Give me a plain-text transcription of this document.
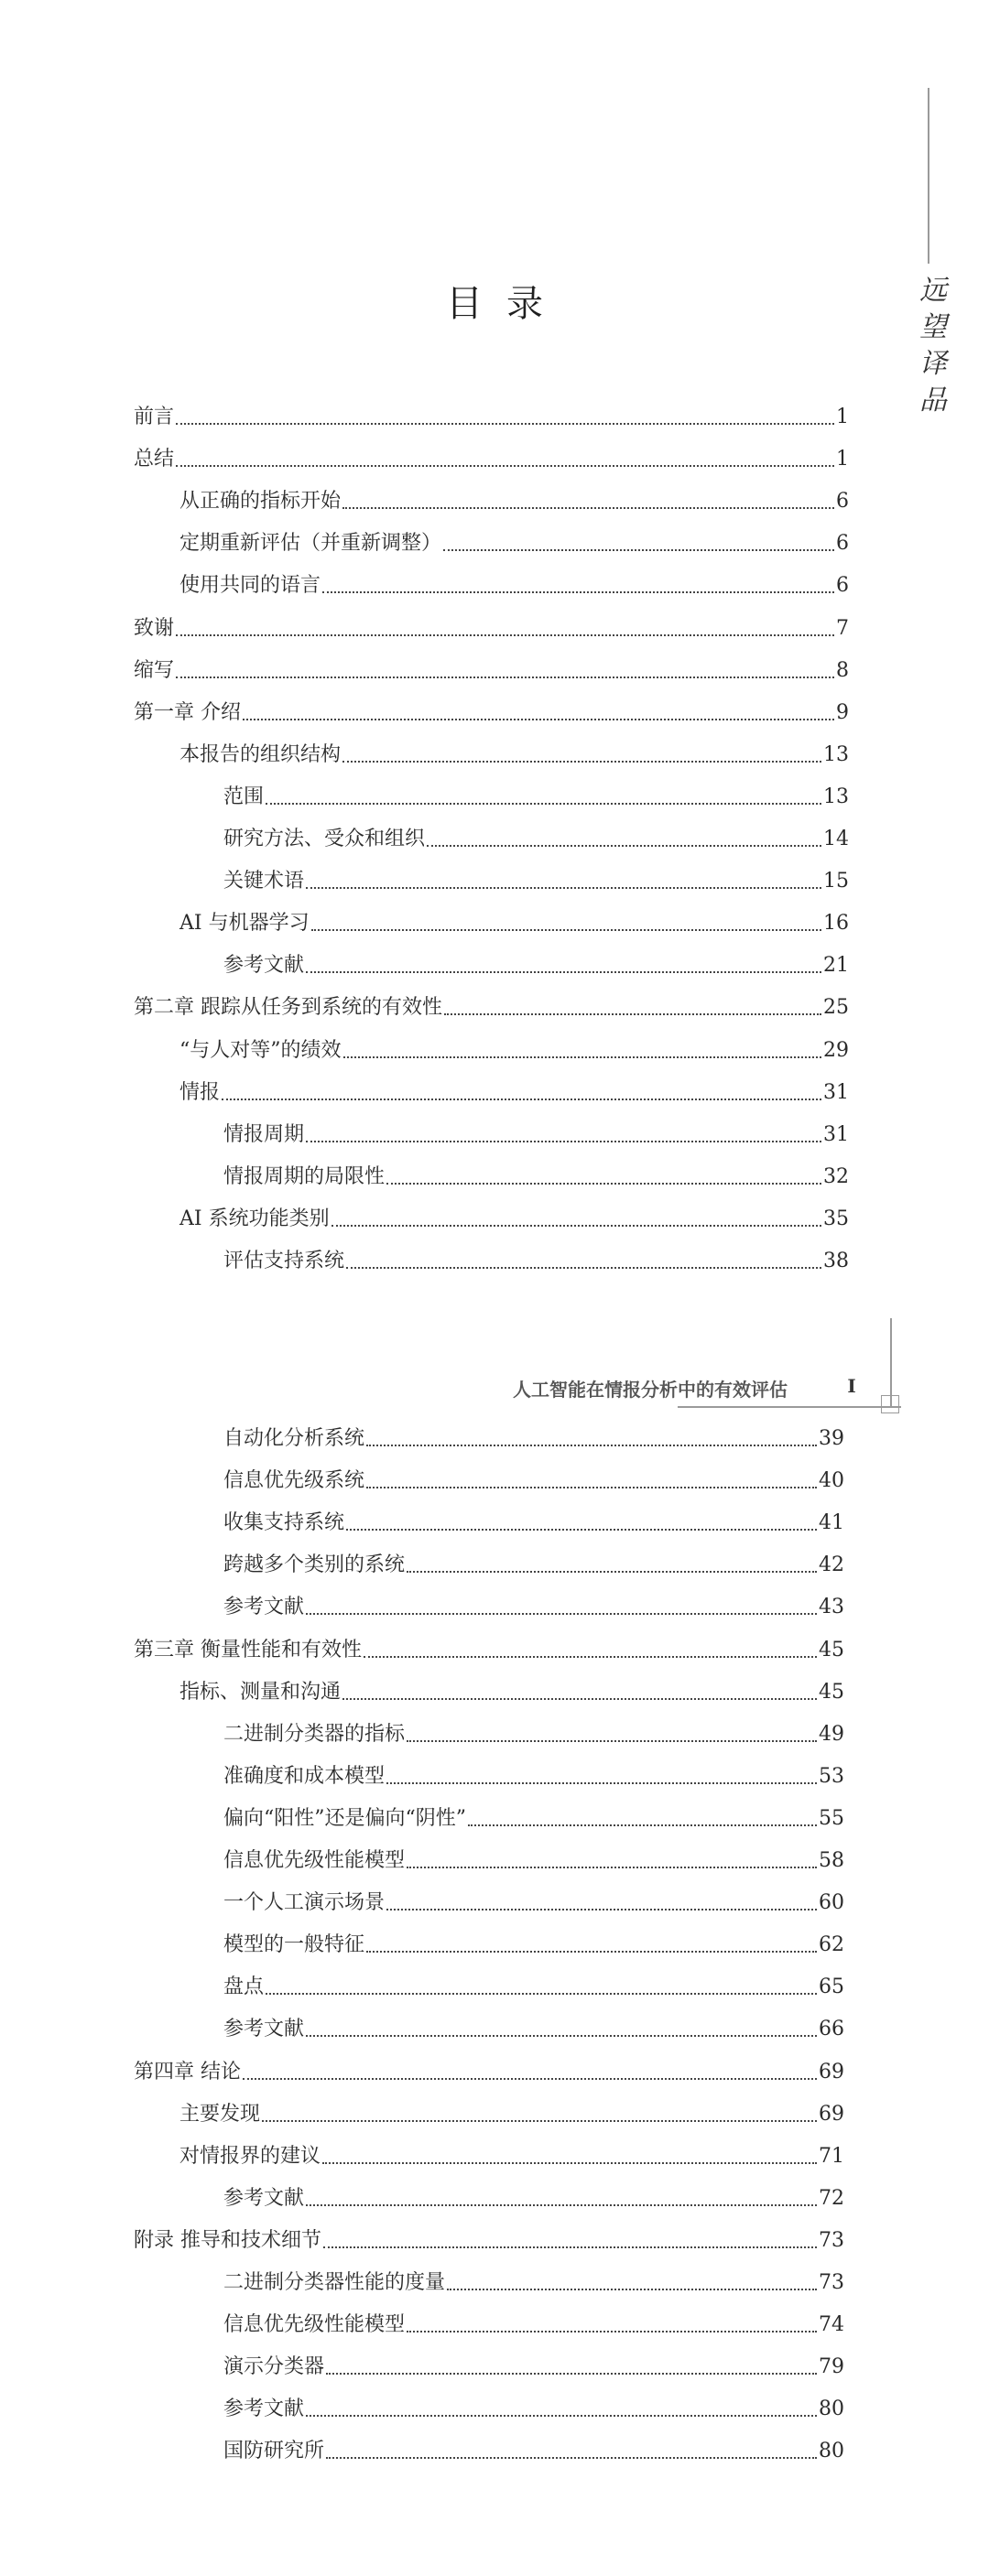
远
望
译
品
目录
前言	1
总结	1
从正确的指标开始	6
定期重新评估（并重新调整）	6
使用共同的语言	6
致谢	7
缩写	8
第一章 介绍	9
本报告的组织结构	13
范围	13
研究方法、受众和组织	14
关键术语	15
AI 与机器学习	16
参考文献	21
第二章 跟踪从任务到系统的有效性	25
“与人对等”的绩效	29
情报	31
情报周期	31
情报周期的局限性	32
AI 系统功能类别	35
评估支持系统	38
自动化分析系统	39
信息优先级系统	40
收集支持系统	41
跨越多个类别的系统	42
参考文献	43
第三章 衡量性能和有效性	45
指标、测量和沟通	45
二进制分类器的指标	49
准确度和成本模型	53
偏向“阳性”还是偏向“阴性”	55
信息优先级性能模型	58
一个人工演示场景	60
模型的一般特征	62
盘点	65
参考文献	66
第四章 结论	69
主要发现	69
对情报界的建议	71
参考文献	72
附录 推导和技术细节	73
二进制分类器性能的度量	73
信息优先级性能模型	74
演示分类器	79
参考文献	80
国防研究所	80
人工智能在情报分析中的有效评估	I
